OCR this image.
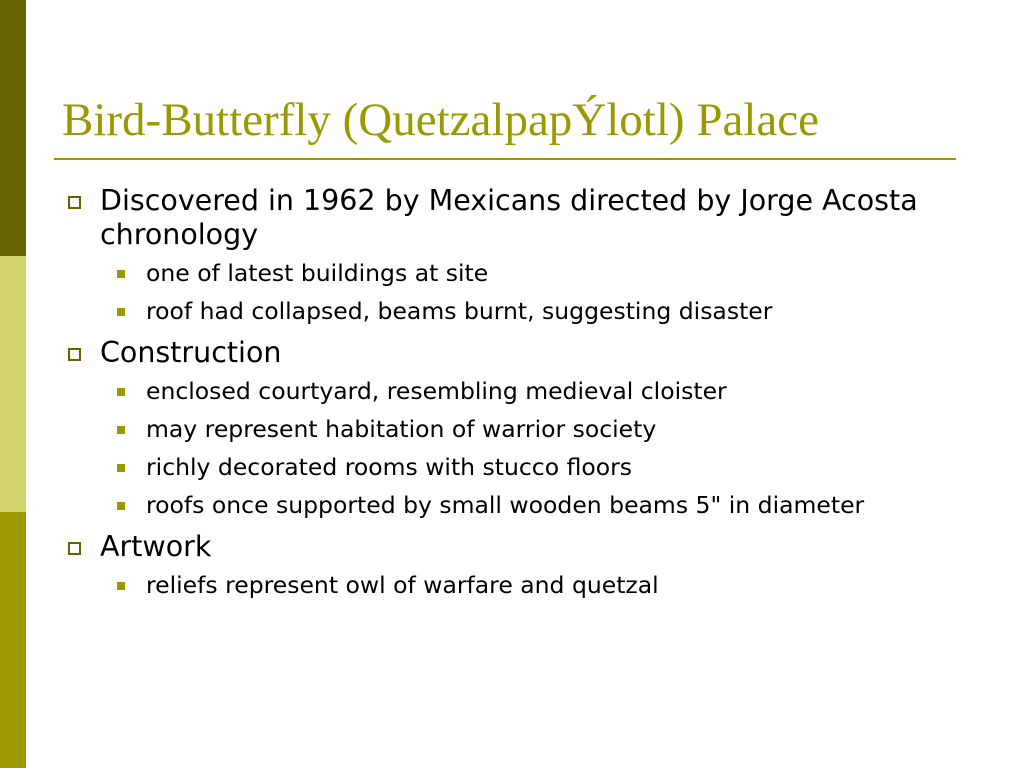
Bird-Butterfly (QuetzalpapÝlotl) Palace
Discovered in 1962 by Mexicans directed by Jorge Acosta chronology
one of latest buildings at site
roof had collapsed, beams burnt, suggesting disaster
Construction
enclosed courtyard, resembling medieval cloister
may represent habitation of warrior society
richly decorated rooms with stucco floors
roofs once supported by small wooden beams 5" in diameter
Artwork
reliefs represent owl of warfare and quetzal
